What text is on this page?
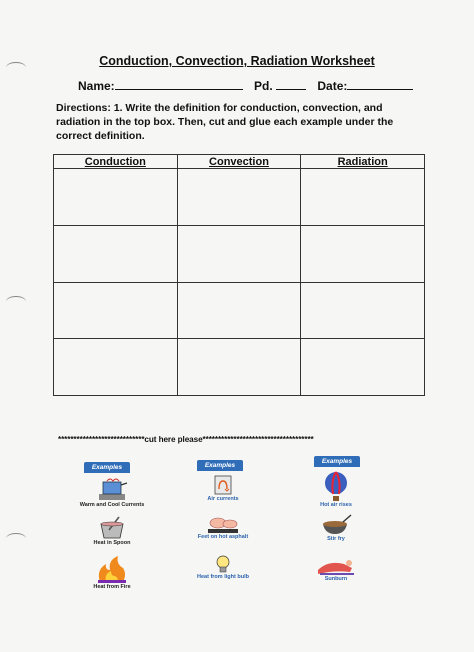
Conduction, Convection, Radiation Worksheet
Name:	Pd.	Date:
Directions: 1. Write the definition for conduction, convection, and radiation in the top box. Then, cut and glue each example under the correct definition.
Conduction	Convection	Radiation

****************************cut here please************************************
Examples
Warm and Cool Currents
Heat in Spoon
Heat from Fire
Examples
Air currents
Feet on hot asphalt
Heat from light bulb
Examples
Hot air rises
Stir fry
Sunburn
